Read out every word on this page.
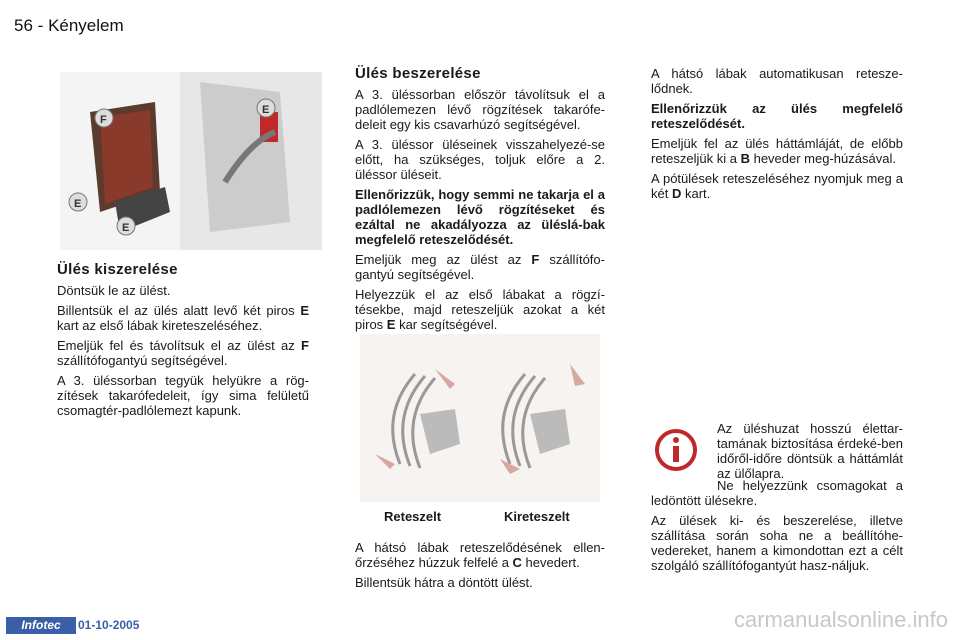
56 - Kényelem
F
E
E
E
Ülés kiszerelése

Döntsük le az ülést.

Billentsük el az ülés alatt levő két piros E kart az első lábak kireteszeléséhez.

Emeljük fel és távolítsuk el az ülést az F szállítófogantyú segítségével.

A 3. üléssorban tegyük helyükre a rög-zítések takarófedeleit, így sima felületű csomagtér-padlólemezt kapunk.

Ülés beszerelése

A 3. üléssorban először távolítsuk el a padlólemezen lévő rögzítések takarófe-deleit egy kis csavarhúzó segítségével.

A 3. üléssor üléseinek visszahelyezé-se előtt, ha szükséges, toljuk előre a 2. üléssor üléseit.

Ellenőrizzük, hogy semmi ne takarja el a padlólemezen lévő rögzítéseket és ezáltal ne akadályozza az üléslá-bak megfelelő reteszelődését.

Emeljük meg az ülést az F szállítófo-gantyú segítségével.

Helyezzük el az első lábakat a rögzí-tésekbe, majd reteszeljük azokat a két piros E kar segítségével.

Reteszelt	Kireteszelt

A hátsó lábak reteszelődésének ellen-őrzéséhez húzzuk felfelé a C hevedert.

Billentsük hátra a döntött ülést.

A hátsó lábak automatikusan retesze-lődnek.

Ellenőrizzük az ülés megfelelő reteszelődését.

Emeljük fel az ülés háttámláját, de előbb reteszeljük ki a B heveder meg-húzásával.

A pótülések reteszeléséhez nyomjuk meg a két D kart.

Az üléshuzat hosszú élettar-tamának biztosítása érdeké-ben időről-időre döntsük a háttámlát az ülőlapra.

Ne helyezzünk csomagokat a ledöntött ülésekre.

Az ülések ki- és beszerelése, illetve szállítása során soha ne a beállítóhe-vedereket, hanem a kimondottan ezt a célt szolgáló szállítófogantyút hasz-náljuk.

Infotec	01-10-2005	carmanualsonline.info
